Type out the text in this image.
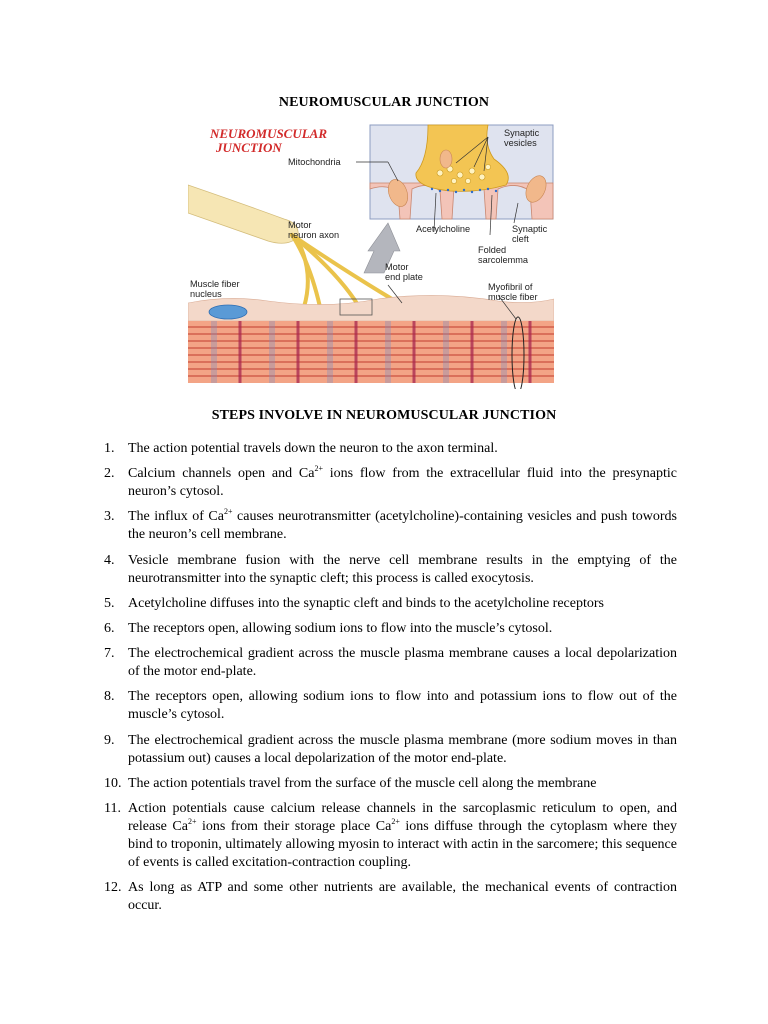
NEUROMUSCULAR JUNCTION
NEUROMUSCULAR
JUNCTION
Synaptic
vesicles
Mitochondria
Motor
neuron axon
Acetylcholine	Synaptic
cleft
Folded
sarcolemma
Motor
end plate
Muscle fiber
nucleus
Myofibril of
muscle fiber
STEPS INVOLVE IN NEUROMUSCULAR JUNCTION
1. The action potential travels down the neuron to the axon terminal.
2. Calcium channels open and $Ca^{2+}$ ions flow from the extracellular fluid into the presynaptic neuron’s cytosol.
3. The influx of $Ca^{2+}$ causes neurotransmitter (acetylcholine)-containing vesicles and push towords the neuron’s cell membrane.
4. Vesicle membrane fusion with the nerve cell membrane results in the emptying of the neurotransmitter into the synaptic cleft; this process is called exocytosis.
5. Acetylcholine diffuses into the synaptic cleft and binds to the acetylcholine receptors
6. The receptors open, allowing sodium ions to flow into the muscle’s cytosol.
7. The electrochemical gradient across the muscle plasma membrane causes a local depolarization of the motor end-plate.
8. The receptors open, allowing sodium ions to flow into and potassium ions to flow out of the muscle’s cytosol.
9. The electrochemical gradient across the muscle plasma membrane (more sodium moves in than potassium out) causes a local depolarization of the motor end-plate.
10. The action potentials travel from the surface of the muscle cell along the membrane
11. Action potentials cause calcium release channels in the sarcoplasmic reticulum to open, and release $Ca^{2+}$ ions from their storage place $Ca^{2+}$ ions diffuse through the cytoplasm where they bind to troponin, ultimately allowing myosin to interact with actin in the sarcomere; this sequence of events is called excitation-contraction coupling.
12. As long as ATP and some other nutrients are available, the mechanical events of contraction occur.
